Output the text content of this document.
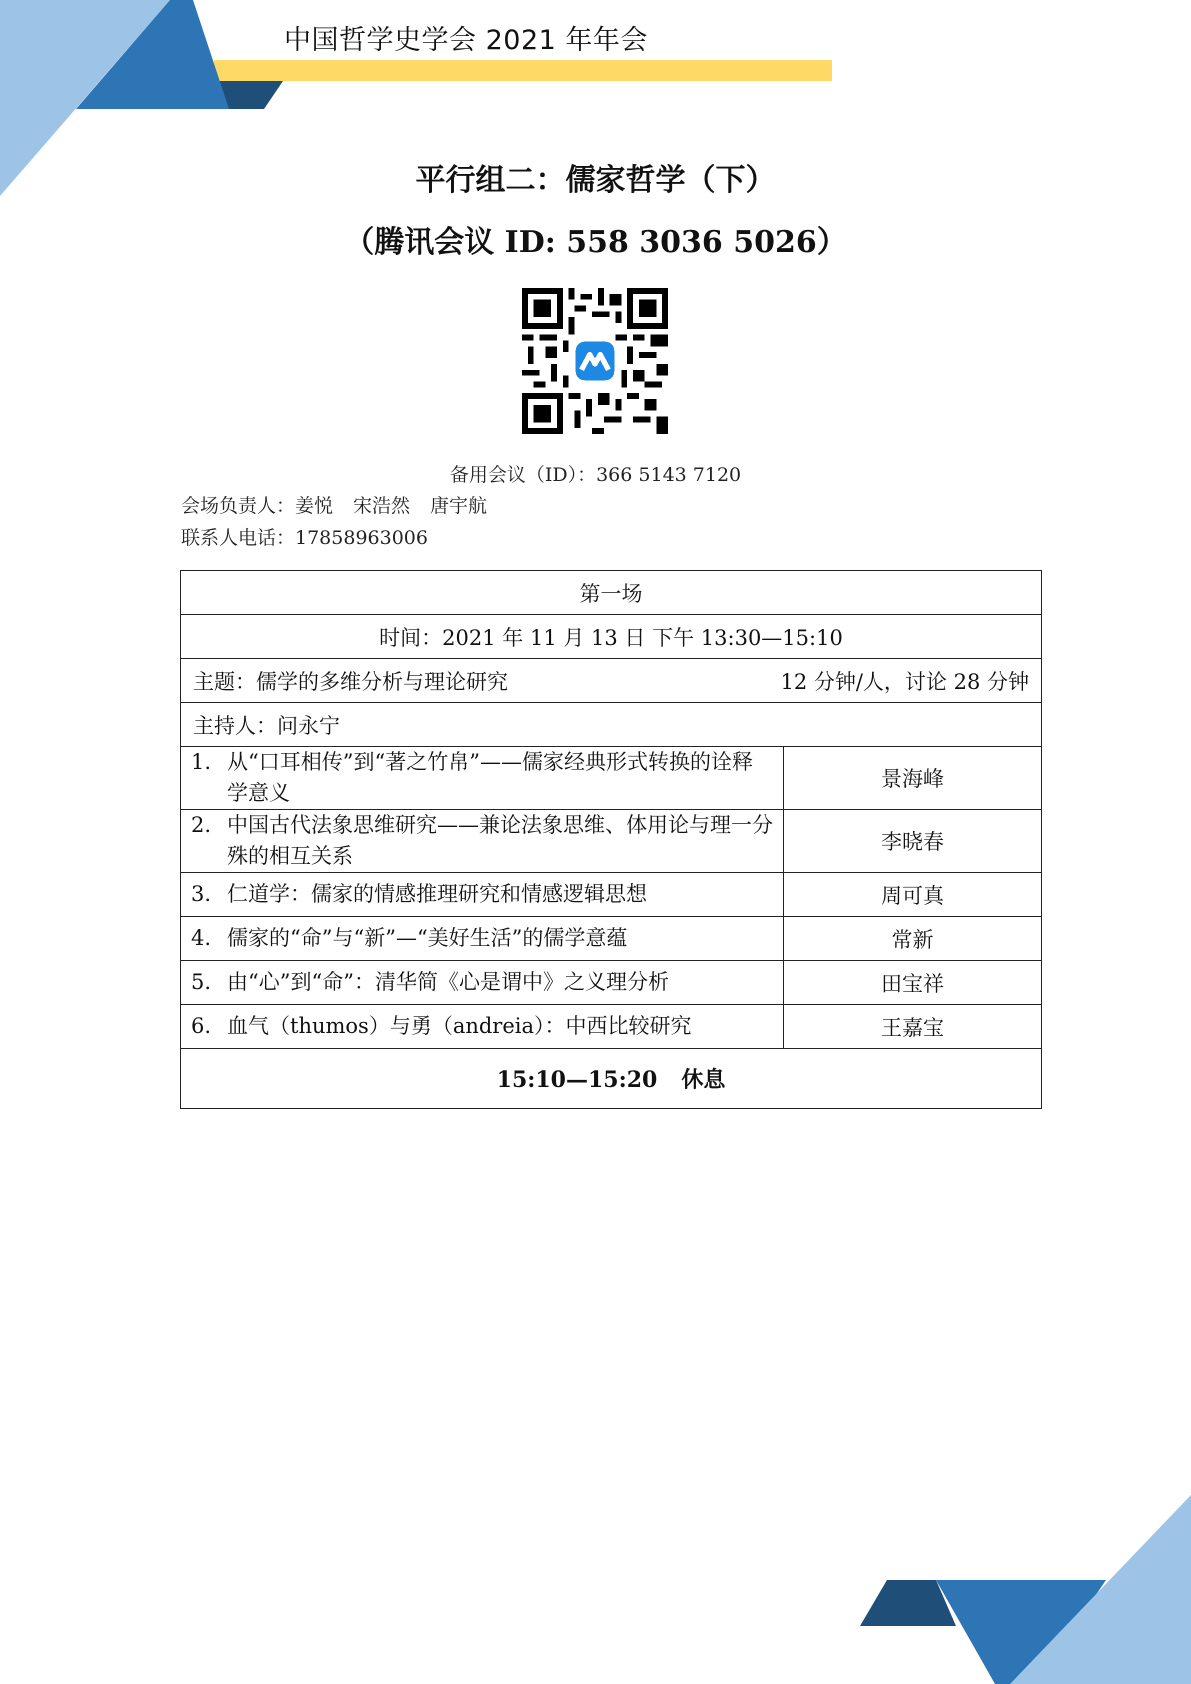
中国哲学史学会 2021 年年会
平行组二：儒家哲学（下）
（腾讯会议 ID: 558 3036 5026）
备用会议（ID）：366 5143 7120
会场负责人：姜悦 宋浩然 唐宇航
联系人电话：17858963006
第一场	
时间：2021 年 11 月 13 日 下午 13:30—15:10	

主题：儒学的多维分析与理论研究 12 分钟/人，讨论 28 分钟	

主持人：问永宁	

1. 从“口耳相传”到“著之竹帛”——儒家经典形式转换的诠释学意义	景海峰

2. 中国古代法象思维研究——兼论法象思维、体用论与理一分殊的相互关系	李晓春

3. 仁道学：儒家的情感推理研究和情感逻辑思想	周可真

4. 儒家的“命”与“新”—“美好生活”的儒学意蕴	常新

5. 由“心”到“命”：清华简《心是谓中》之义理分析	田宝祥

6. 血气（thumos）与勇（andreia）：中西比较研究	王嘉宝
15:10—15:20 休息	
